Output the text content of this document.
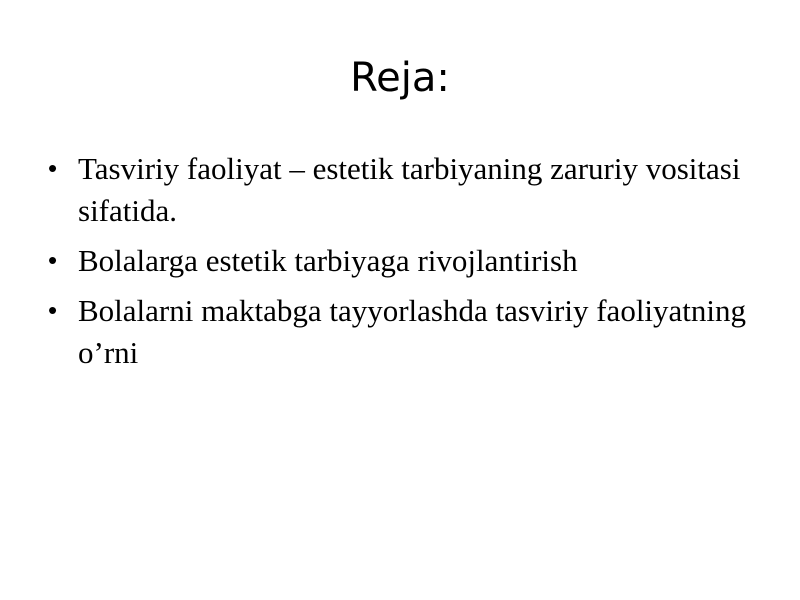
Reja:
• Tasviriy faoliyat – estetik tarbiyaning zaruriy vositasi sifatida.
• Bolalarga estetik tarbiyaga rivojlantirish
• Bolalarni maktabga tayyorlashda tasviriy faoliyatning o’rni
